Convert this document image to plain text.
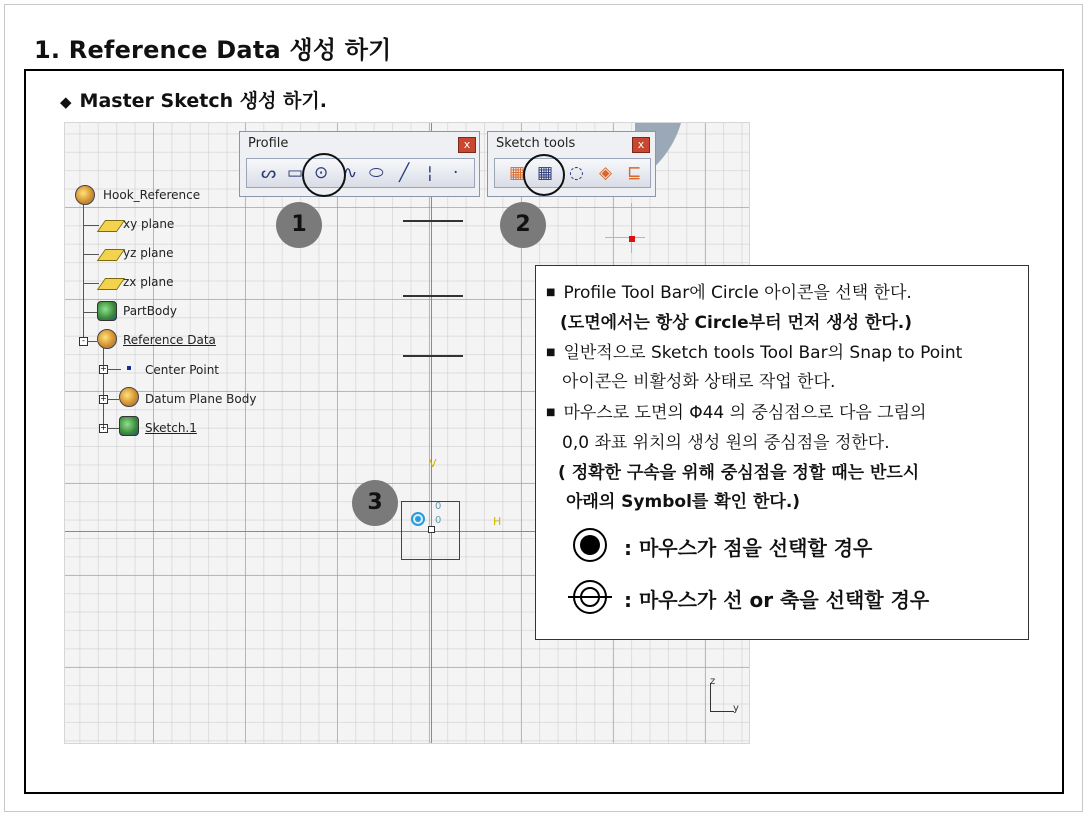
1. Reference Data 생성 하기
◆ Master Sketch 생성 하기.
Hook_Reference
xy plane
yz plane
zx plane
PartBody
-	Reference Data
+	Center Point
+	Datum Plane Body
+	Sketch.1
V
H
0
0
z
y
Profile	x
ᔕ ▭ ⊙ ∿ ⬭ ╱ ¦ ·
Sketch tools	x
▦ ▦ ◌ ◈ ⊑
1	2
3
■ Profile Tool Bar에 Circle 아이콘을 선택 한다.
(도면에서는 항상 Circle부터 먼저 생성 한다.)
■ 일반적으로 Sketch tools Tool Bar의 Snap to Point
아이콘은 비활성화 상태로 작업 한다.
■ 마우스로 도면의 Φ44 의 중심점으로 다음 그림의
0,0 좌표 위치의 생성 원의 중심점을 정한다.
( 정확한 구속을 위해 중심점을 정할 때는 반드시
아래의 Symbol를 확인 한다.)
: 마우스가 점을 선택할 경우
: 마우스가 선 or 축을 선택할 경우
